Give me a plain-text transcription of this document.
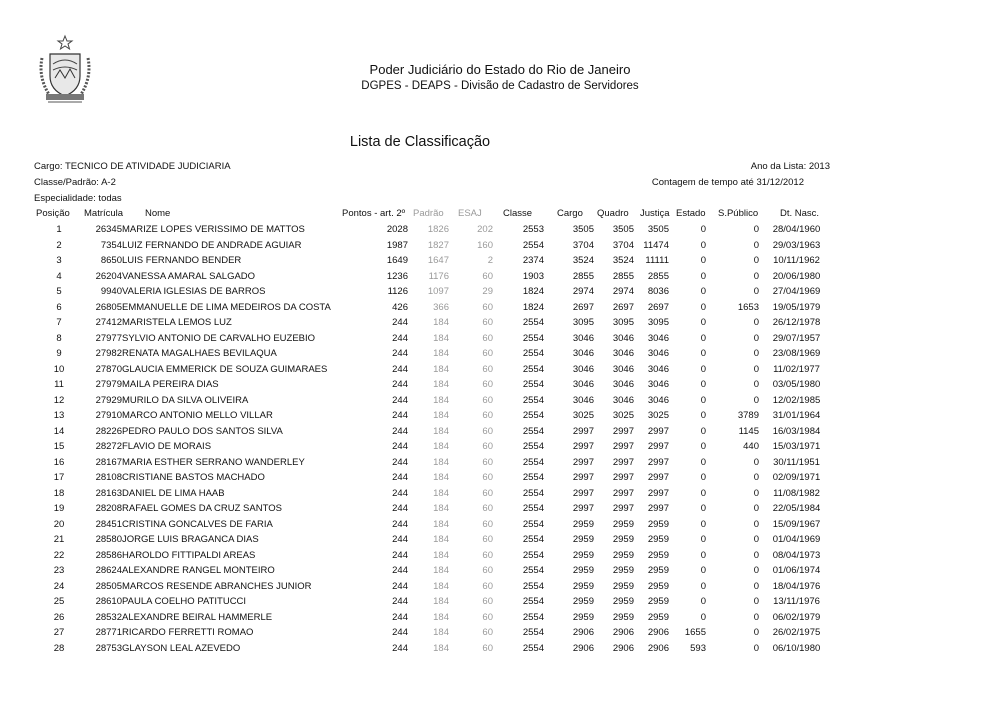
Poder Judiciário do Estado do Rio de Janeiro
DGPES - DEAPS - Divisão de Cadastro de Servidores
Lista de Classificação
Cargo: TECNICO DE ATIVIDADE JUDICIARIA
Classe/Padrão: A-2
Especialidade: todas
Ano da Lista: 2013
Contagem de tempo até 31/12/2012
Posição Matrícula Nome	Pontos - art. 2º Padrão ESAJ Classe	Cargo Quadro Justiça Estado S.Público Dt. Nasc.
1	26345	MARIZE LOPES VERISSIMO DE MATTOS	2028	1826	202	2553	3505	3505	3505	0	0	28/04/1960
2	7354	LUIZ FERNANDO DE ANDRADE AGUIAR	1987	1827	160	2554	3704	3704	11474	0	0	29/03/1963
3	8650	LUIS FERNANDO BENDER	1649	1647	2	2374	3524	3524	11111	0	0	10/11/1962
4	26204	VANESSA AMARAL SALGADO	1236	1176	60	1903	2855	2855	2855	0	0	20/06/1980
5	9940	VALERIA IGLESIAS DE BARROS	1126	1097	29	1824	2974	2974	8036	0	0	27/04/1969
6	26805	EMMANUELLE DE LIMA MEDEIROS DA COSTA	426	366	60	1824	2697	2697	2697	0	1653	19/05/1979
7	27412	MARISTELA LEMOS LUZ	244	184	60	2554	3095	3095	3095	0	0	26/12/1978
8	27977	SYLVIO ANTONIO DE CARVALHO EUZEBIO	244	184	60	2554	3046	3046	3046	0	0	29/07/1957
9	27982	RENATA MAGALHAES BEVILAQUA	244	184	60	2554	3046	3046	3046	0	0	23/08/1969
10	27870	GLAUCIA EMMERICK DE SOUZA GUIMARAES	244	184	60	2554	3046	3046	3046	0	0	11/02/1977
11	27979	MAILA PEREIRA DIAS	244	184	60	2554	3046	3046	3046	0	0	03/05/1980
12	27929	MURILO DA SILVA OLIVEIRA	244	184	60	2554	3046	3046	3046	0	0	12/02/1985
13	27910	MARCO ANTONIO MELLO VILLAR	244	184	60	2554	3025	3025	3025	0	3789	31/01/1964
14	28226	PEDRO PAULO DOS SANTOS SILVA	244	184	60	2554	2997	2997	2997	0	1145	16/03/1984
15	28272	FLAVIO DE MORAIS	244	184	60	2554	2997	2997	2997	0	440	15/03/1971
16	28167	MARIA ESTHER SERRANO WANDERLEY	244	184	60	2554	2997	2997	2997	0	0	30/11/1951
17	28108	CRISTIANE BASTOS MACHADO	244	184	60	2554	2997	2997	2997	0	0	02/09/1971
18	28163	DANIEL DE LIMA HAAB	244	184	60	2554	2997	2997	2997	0	0	11/08/1982
19	28208	RAFAEL GOMES DA CRUZ SANTOS	244	184	60	2554	2997	2997	2997	0	0	22/05/1984
20	28451	CRISTINA GONCALVES DE FARIA	244	184	60	2554	2959	2959	2959	0	0	15/09/1967
21	28580	JORGE LUIS BRAGANCA DIAS	244	184	60	2554	2959	2959	2959	0	0	01/04/1969
22	28586	HAROLDO FITTIPALDI AREAS	244	184	60	2554	2959	2959	2959	0	0	08/04/1973
23	28624	ALEXANDRE RANGEL MONTEIRO	244	184	60	2554	2959	2959	2959	0	0	01/06/1974
24	28505	MARCOS RESENDE ABRANCHES JUNIOR	244	184	60	2554	2959	2959	2959	0	0	18/04/1976
25	28610	PAULA COELHO PATITUCCI	244	184	60	2554	2959	2959	2959	0	0	13/11/1976
26	28532	ALEXANDRE BEIRAL HAMMERLE	244	184	60	2554	2959	2959	2959	0	0	06/02/1979
27	28771	RICARDO FERRETTI ROMAO	244	184	60	2554	2906	2906	2906	1655	0	26/02/1975
28	28753	GLAYSON LEAL AZEVEDO	244	184	60	2554	2906	2906	2906	593	0	06/10/1980
